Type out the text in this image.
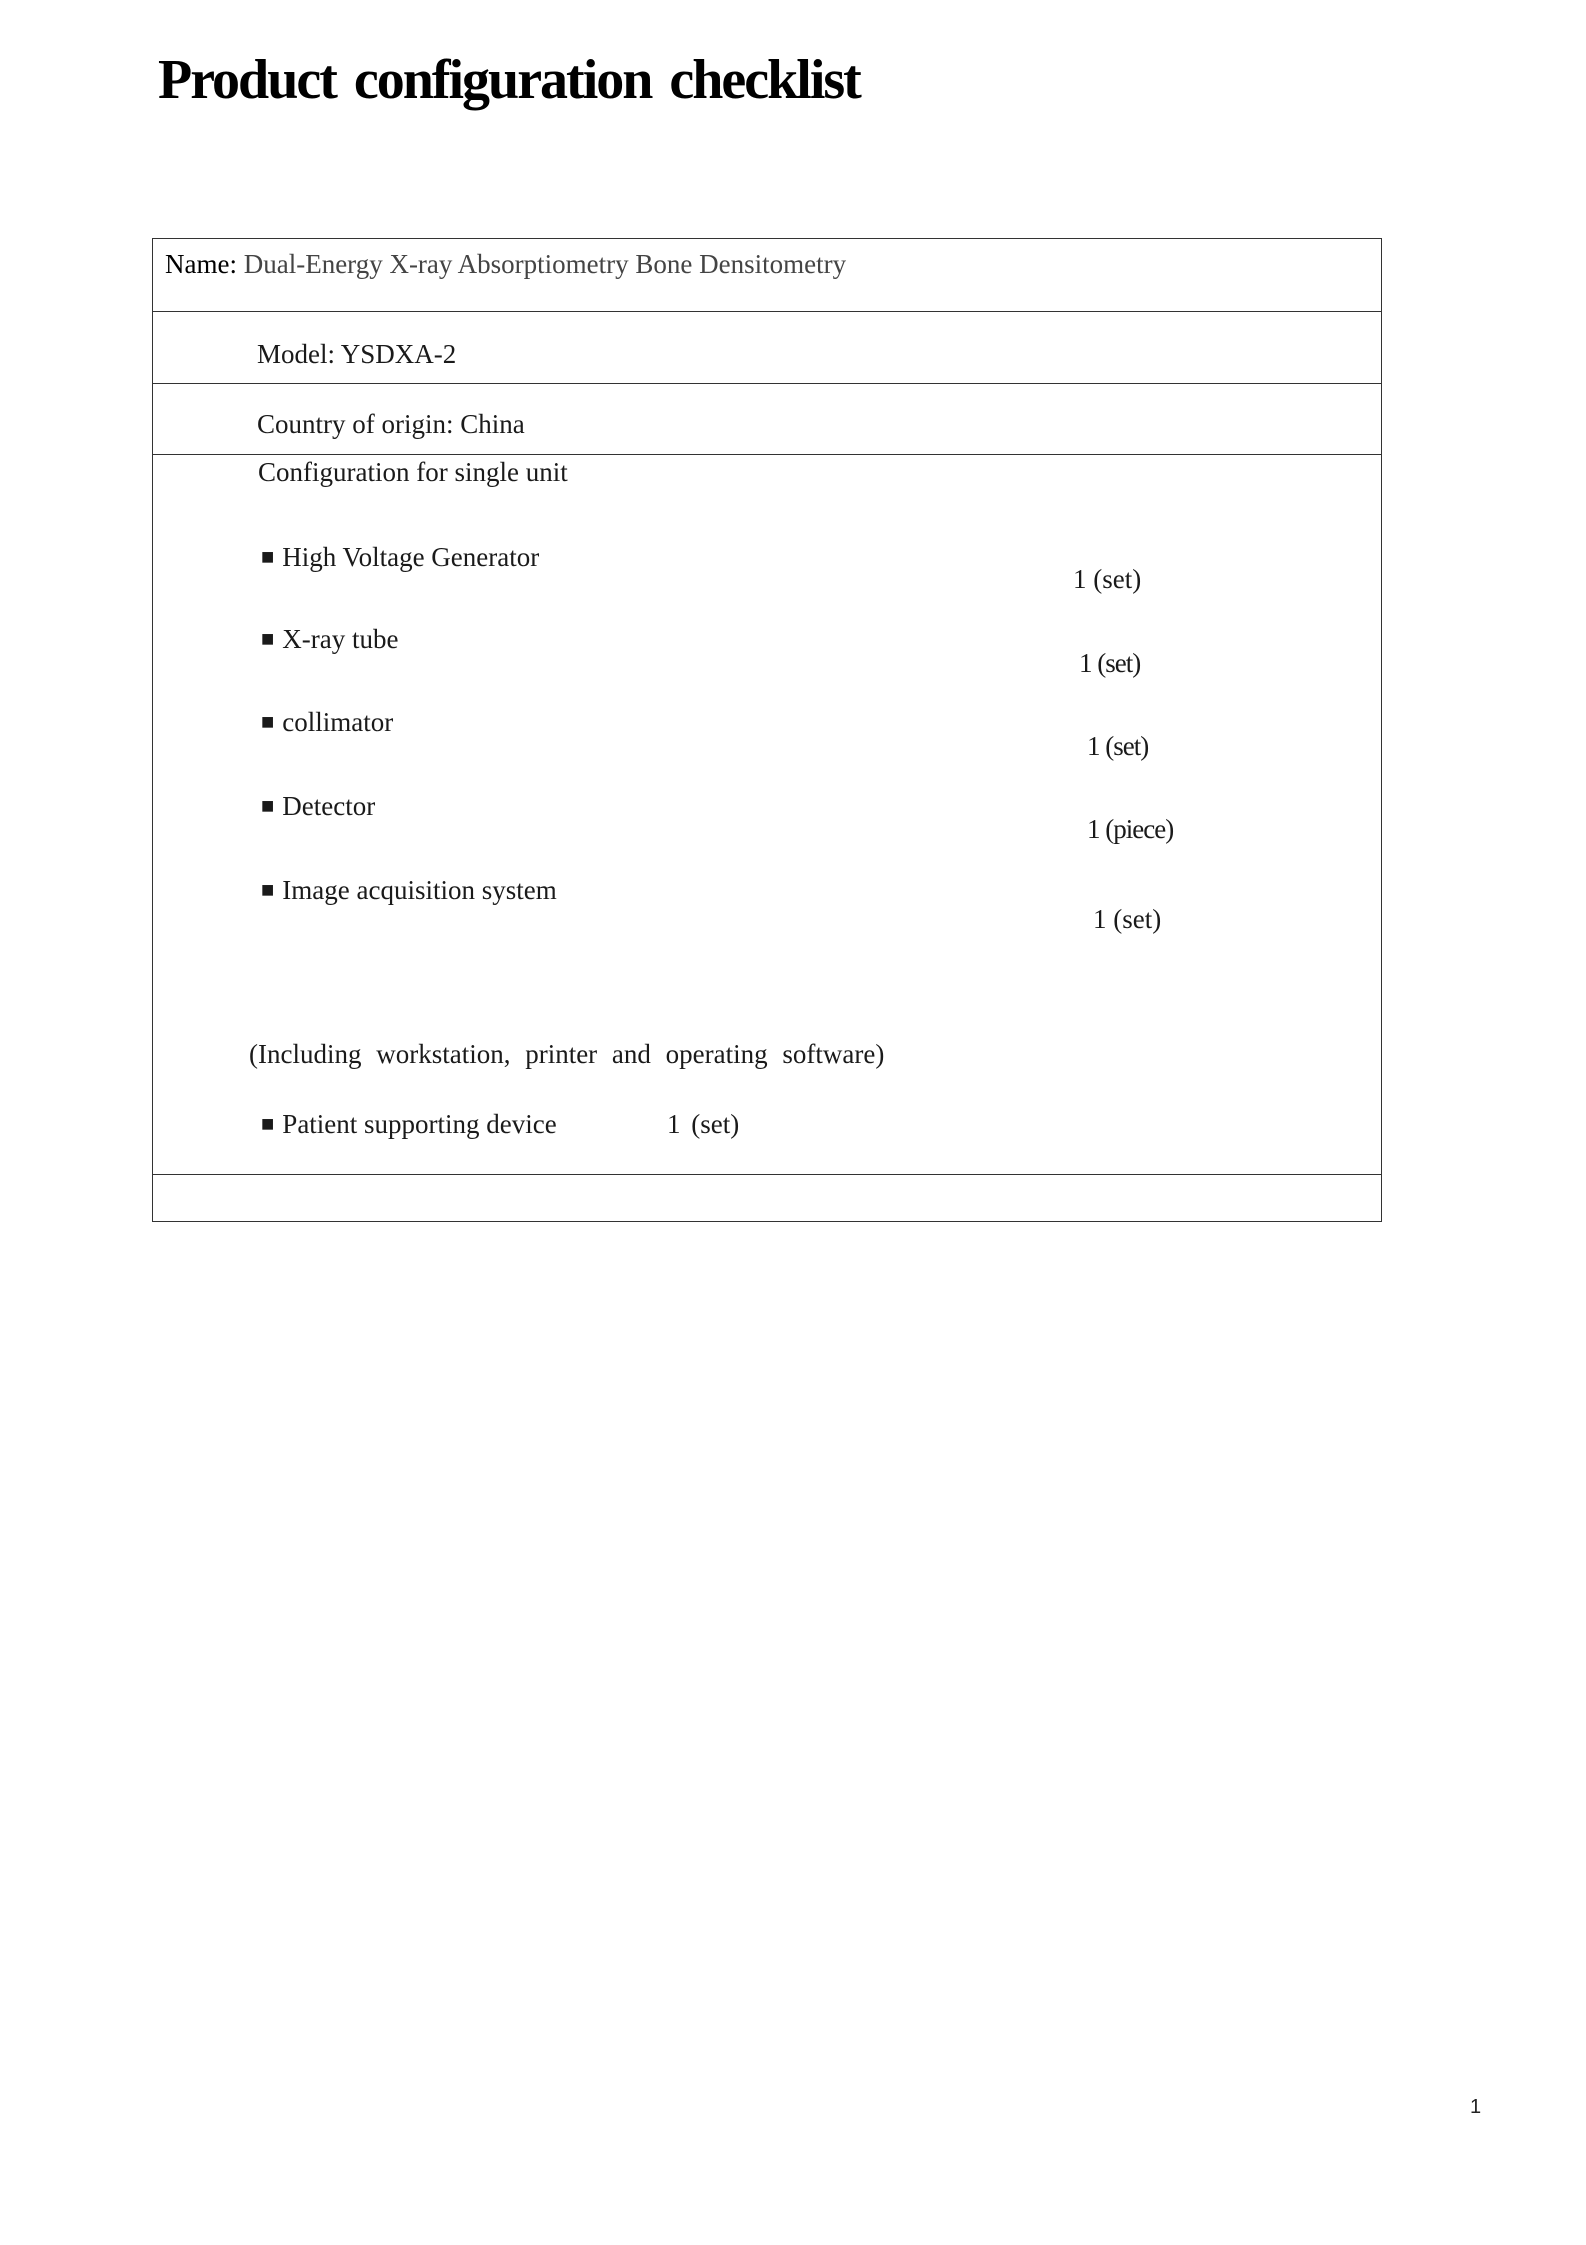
Product configuration checklist
Name: Dual-Energy X-ray Absorptiometry Bone Densitometry
Model: YSDXA-2
Country of origin: China
Configuration for single unit
■ High Voltage Generator
1 (set)
■ X-ray tube
1 (set)
■ collimator
1 (set)
■ Detector
1 (piece)
■ Image acquisition system
1 (set)
(Including workstation, printer and operating software)
■ Patient supporting device	1 (set)
1
